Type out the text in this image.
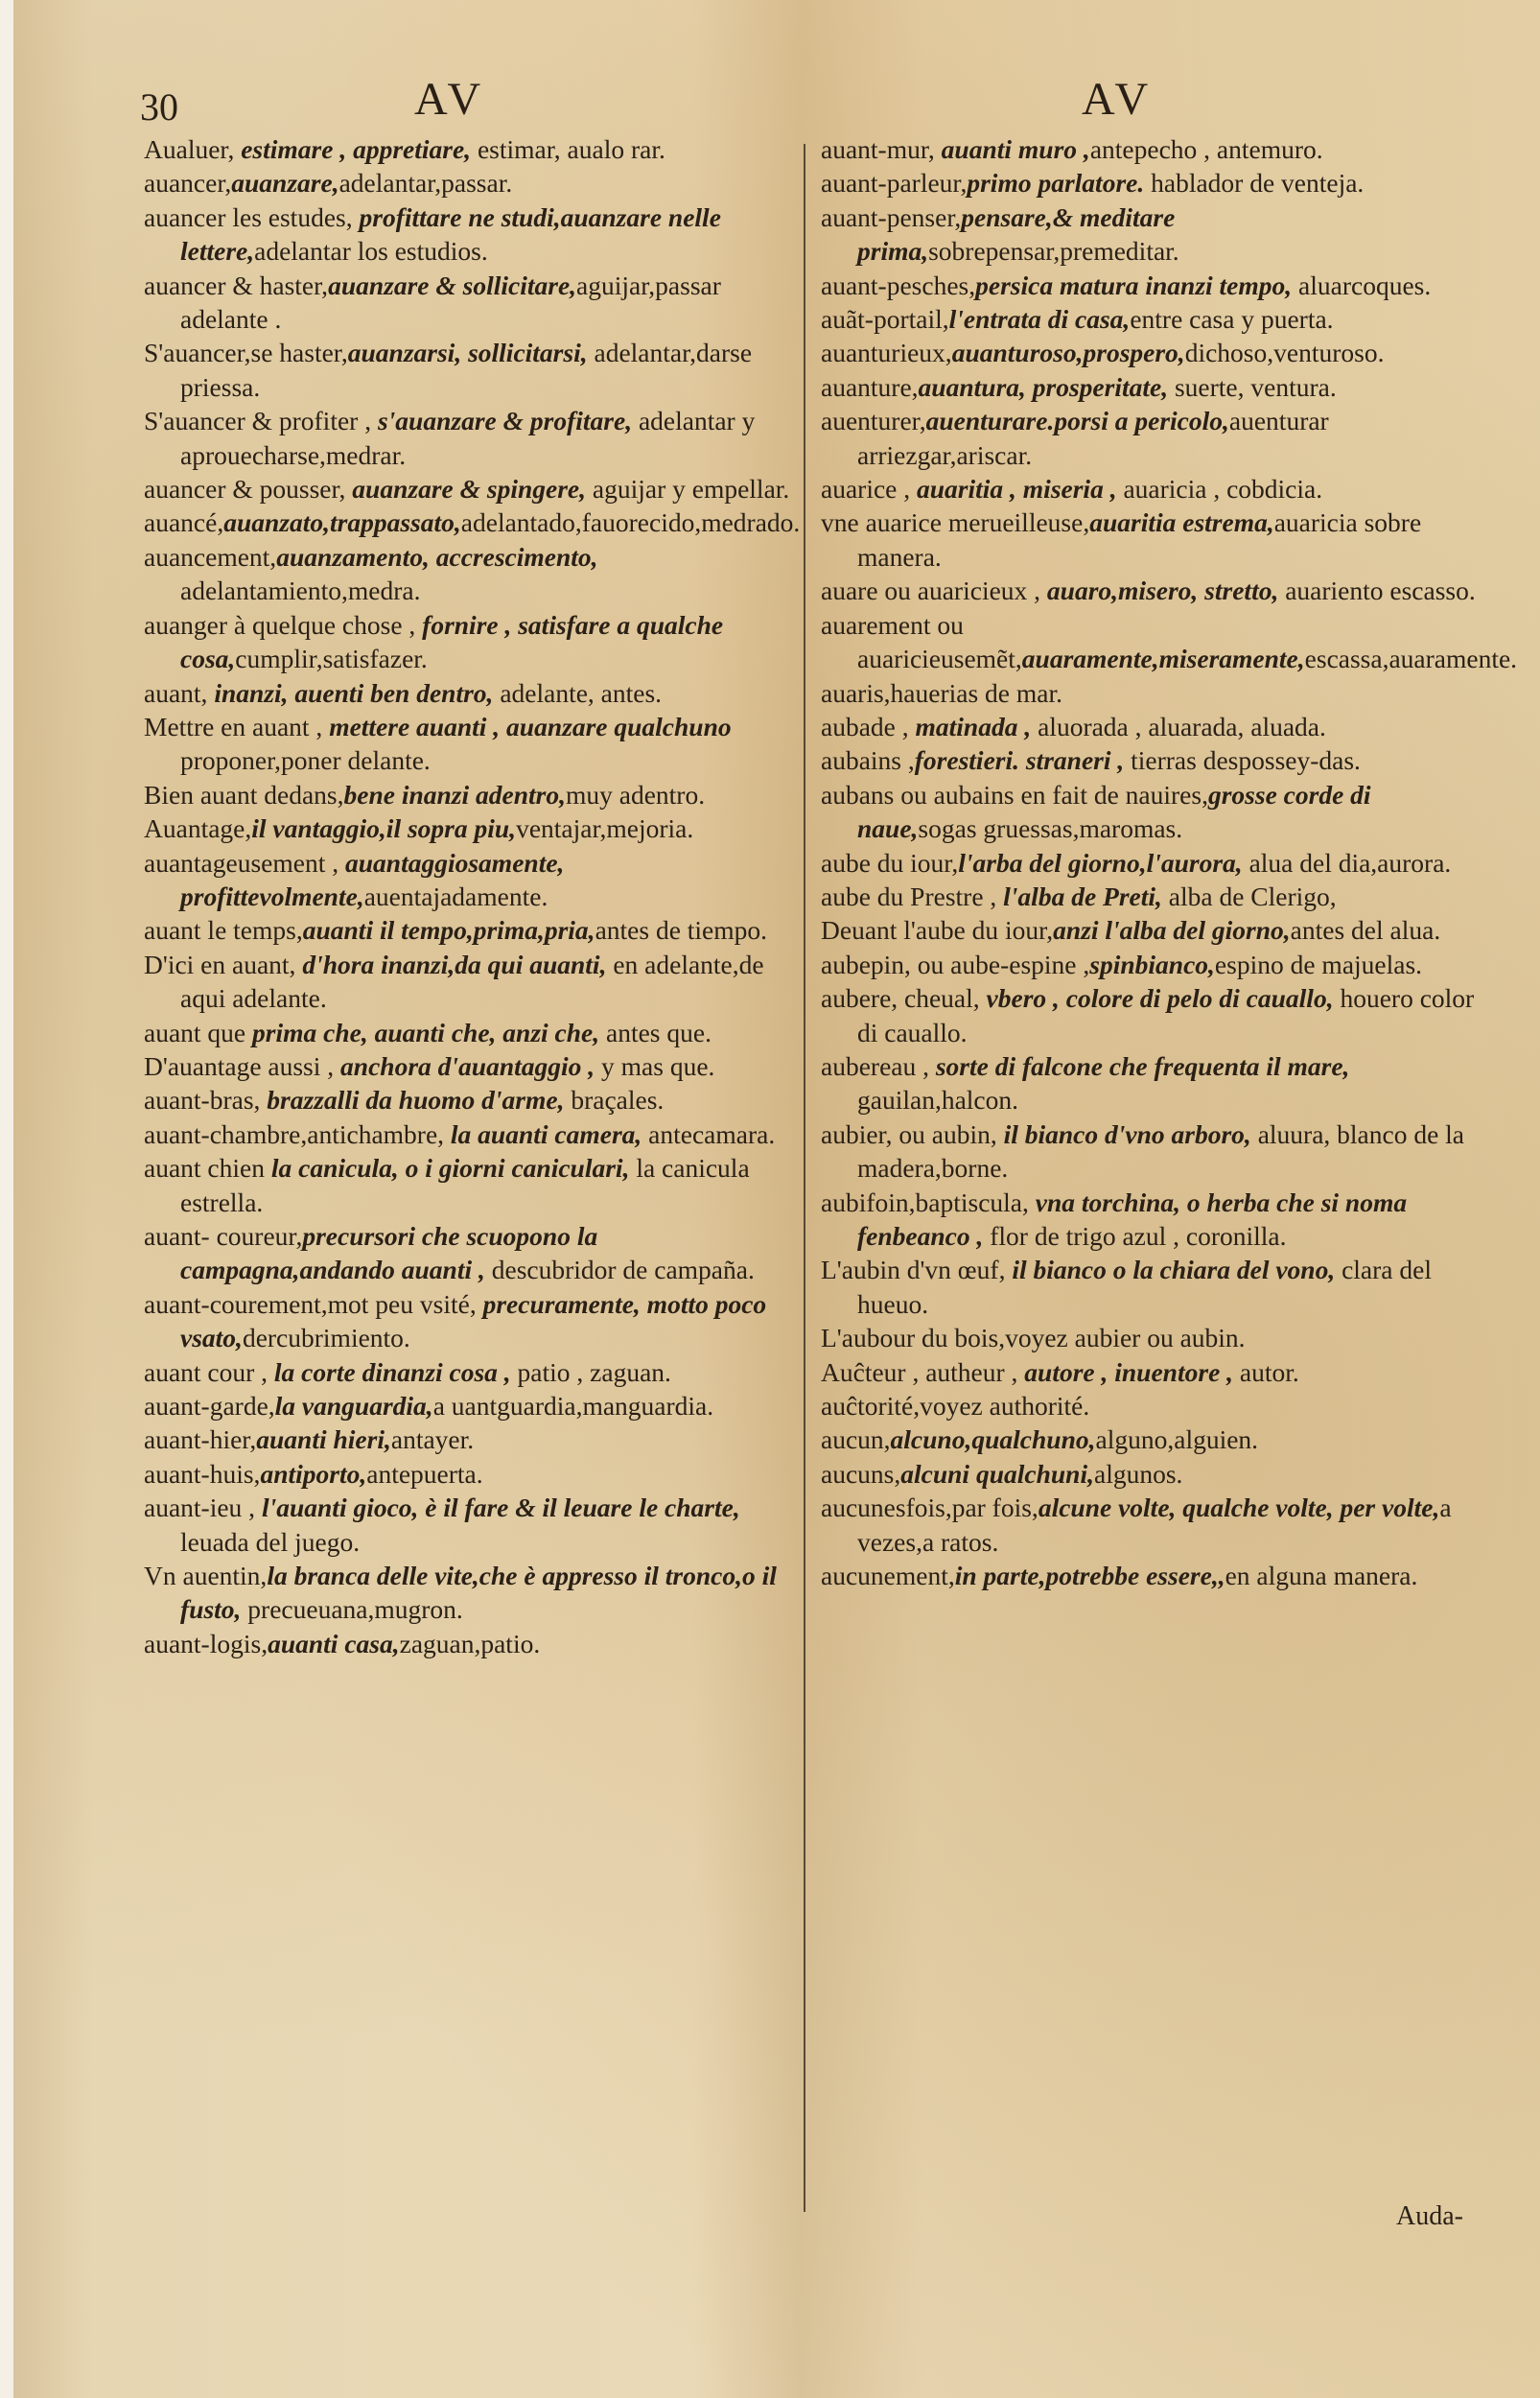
30	AV	AV

Aualuer, estimare , appretiare, estimar, aualo rar.

auancer,auanzare,adelantar,passar.

auancer les estudes, profittare ne studi,auanzare nelle lettere,adelantar los estudios.

auancer & haster,auanzare & sollicitare,aguijar,passar adelante .

S'auancer,se haster,auanzarsi, sollicitarsi, adelantar,darse priessa.

S'auancer & profiter , s'auanzare & profitare, adelantar y aprouecharse,medrar.

auancer & pousser, auanzare & spingere, aguijar y empellar.

auancé,auanzato,trappassato,adelantado,fauorecido,medrado.

auancement,auanzamento, accrescimento, adelantamiento,medra.

auanger à quelque chose , fornire , satisfare a qualche cosa,cumplir,satisfazer.

auant, inanzi, auenti ben dentro, adelante, antes.

Mettre en auant , mettere auanti , auanzare qualchuno proponer,poner delante.

Bien auant dedans,bene inanzi adentro,muy adentro.

Auantage,il vantaggio,il sopra piu,ventajar,mejoria.

auantageusement , auantaggiosamente, profittevolmente,auentajadamente.

auant le temps,auanti il tempo,prima,pria,antes de tiempo.

D'ici en auant, d'hora inanzi,da qui auanti, en adelante,de aqui adelante.

auant que prima che, auanti che, anzi che, antes que.

D'auantage aussi , anchora d'auantaggio , y mas que.

auant-bras, brazzalli da huomo d'arme, braçales.

auant-chambre,antichambre, la auanti camera, antecamara.

auant chien la canicula, o i giorni caniculari, la canicula estrella.

auant- coureur,precursori che scuopono la campagna,andando auanti , descubridor de campaña.

auant-courement,mot peu vsité, precuramente, motto poco vsato,dercubrimiento.

auant cour , la corte dinanzi cosa , patio , zaguan.

auant-garde,la vanguardia,a uantguardia,manguardia.

auant-hier,auanti hieri,antayer.

auant-huis,antiporto,antepuerta.

auant-ieu , l'auanti gioco, è il fare & il leuare le charte, leuada del juego.

Vn auentin,la branca delle vite,che è appresso il tronco,o il fusto, precueuana,mugron.

auant-logis,auanti casa,zaguan,patio.

auant-mur, auanti muro ,antepecho , antemuro.

auant-parleur,primo parlatore. hablador de venteja.

auant-penser,pensare,& meditare prima,sobrepensar,premeditar.

auant-pesches,persica matura inanzi tempo, aluarcoques.

auãt-portail,l'entrata di casa,entre casa y puerta.

auanturieux,auanturoso,prospero,dichoso,venturoso.

auanture,auantura, prosperitate, suerte, ventura.

auenturer,auenturare.porsi a pericolo,auenturar arriezgar,ariscar.

auarice , auaritia , miseria , auaricia , cobdicia.

vne auarice merueilleuse,auaritia estrema,auaricia sobre manera.

auare ou auaricieux , auaro,misero, stretto, auariento escasso.

auarement ou auaricieusemẽt,auaramente,miseramente,escassa,auaramente.

auaris,hauerias de mar.

aubade , matinada , aluorada , aluarada, aluada.

aubains ,forestieri. straneri , tierras despossey-das.

aubans ou aubains en fait de nauires,grosse corde di naue,sogas gruessas,maromas.

aube du iour,l'arba del giorno,l'aurora, alua del dia,aurora.

aube du Prestre , l'alba de Preti, alba de Clerigo,

Deuant l'aube du iour,anzi l'alba del giorno,antes del alua.

aubepin, ou aube-espine ,spinbianco,espino de majuelas.

aubere, cheual, vbero , colore di pelo di cauallo, houero color di cauallo.

aubereau , sorte di falcone che frequenta il mare, gauilan,halcon.

aubier, ou aubin, il bianco d'vno arboro, aluura, blanco de la madera,borne.

aubifoin,baptiscula, vna torchina, o herba che si noma fenbeanco , flor de trigo azul , coronilla.

L'aubin d'vn œuf, il bianco o la chiara del vono, clara del hueuo.

L'aubour du bois,voyez aubier ou aubin.

Auĉteur , autheur , autore , inuentore , autor.

auĉtorité,voyez authorité.

aucun,alcuno,qualchuno,alguno,alguien.

aucuns,alcuni qualchuni,algunos.

aucunesfois,par fois,alcune volte, qualche volte, per volte,a vezes,a ratos.

aucunement,in parte,potrebbe essere,,en alguna manera.

Auda-
